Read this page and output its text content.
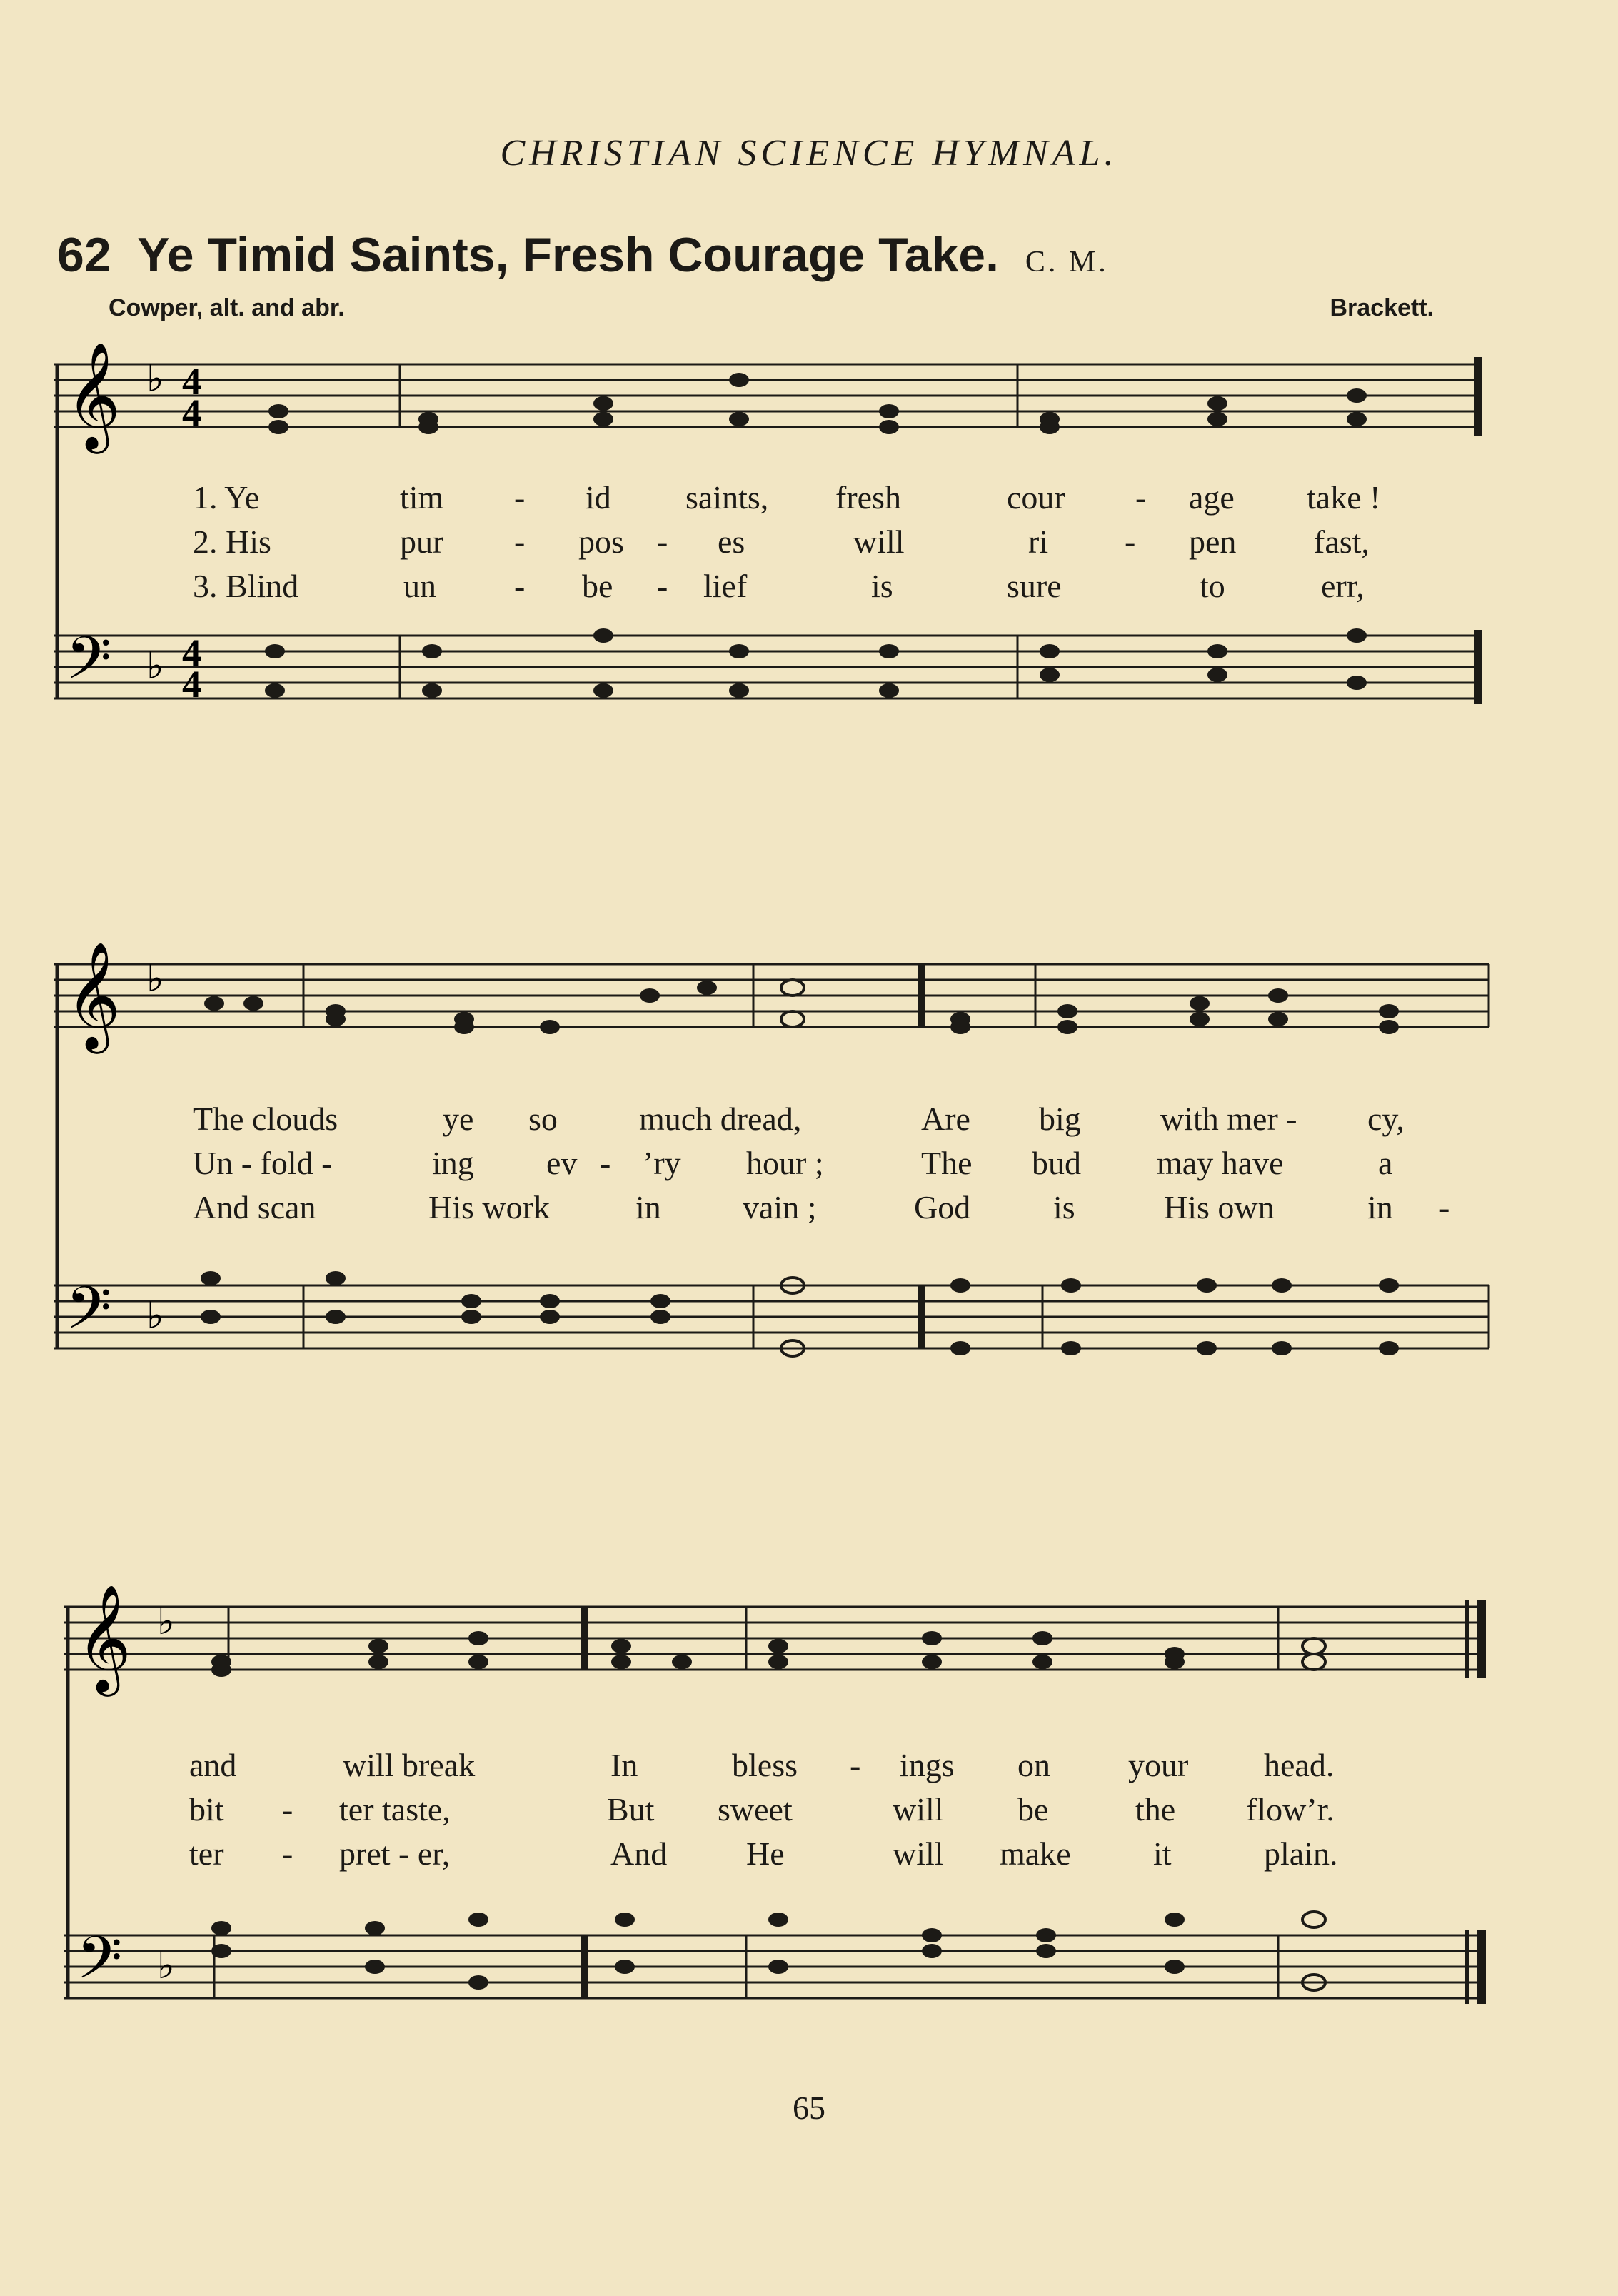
CHRISTIAN SCIENCE HYMNAL.
62 Ye Timid Saints, Fresh Courage Take. C. M.
Cowper, alt. and abr.	Brackett.
𝄞
𝄢
♭
♭
4
4
4
4
1. Ye	tim - id saints, fresh	cour - age take !
2. His	pur - pos - es	will	ri - pen fast,
3. Blind	un - be - lief	is	sure	to	err,
𝄞
𝄢
♭
♭
The clouds	ye so much dread,	Are big with mer - cy,
Un - fold -	ing ev - ’ry hour ;	The bud may have	a
And scan	His work	in vain ;	God	is	His own	in -
𝄞
𝄢
♭
♭
and	will break	In	bless - ings on your head.
bit - ter taste,	But sweet	will be	the flow’r.
ter - pret - er,	And He	will make	it	plain.
65
